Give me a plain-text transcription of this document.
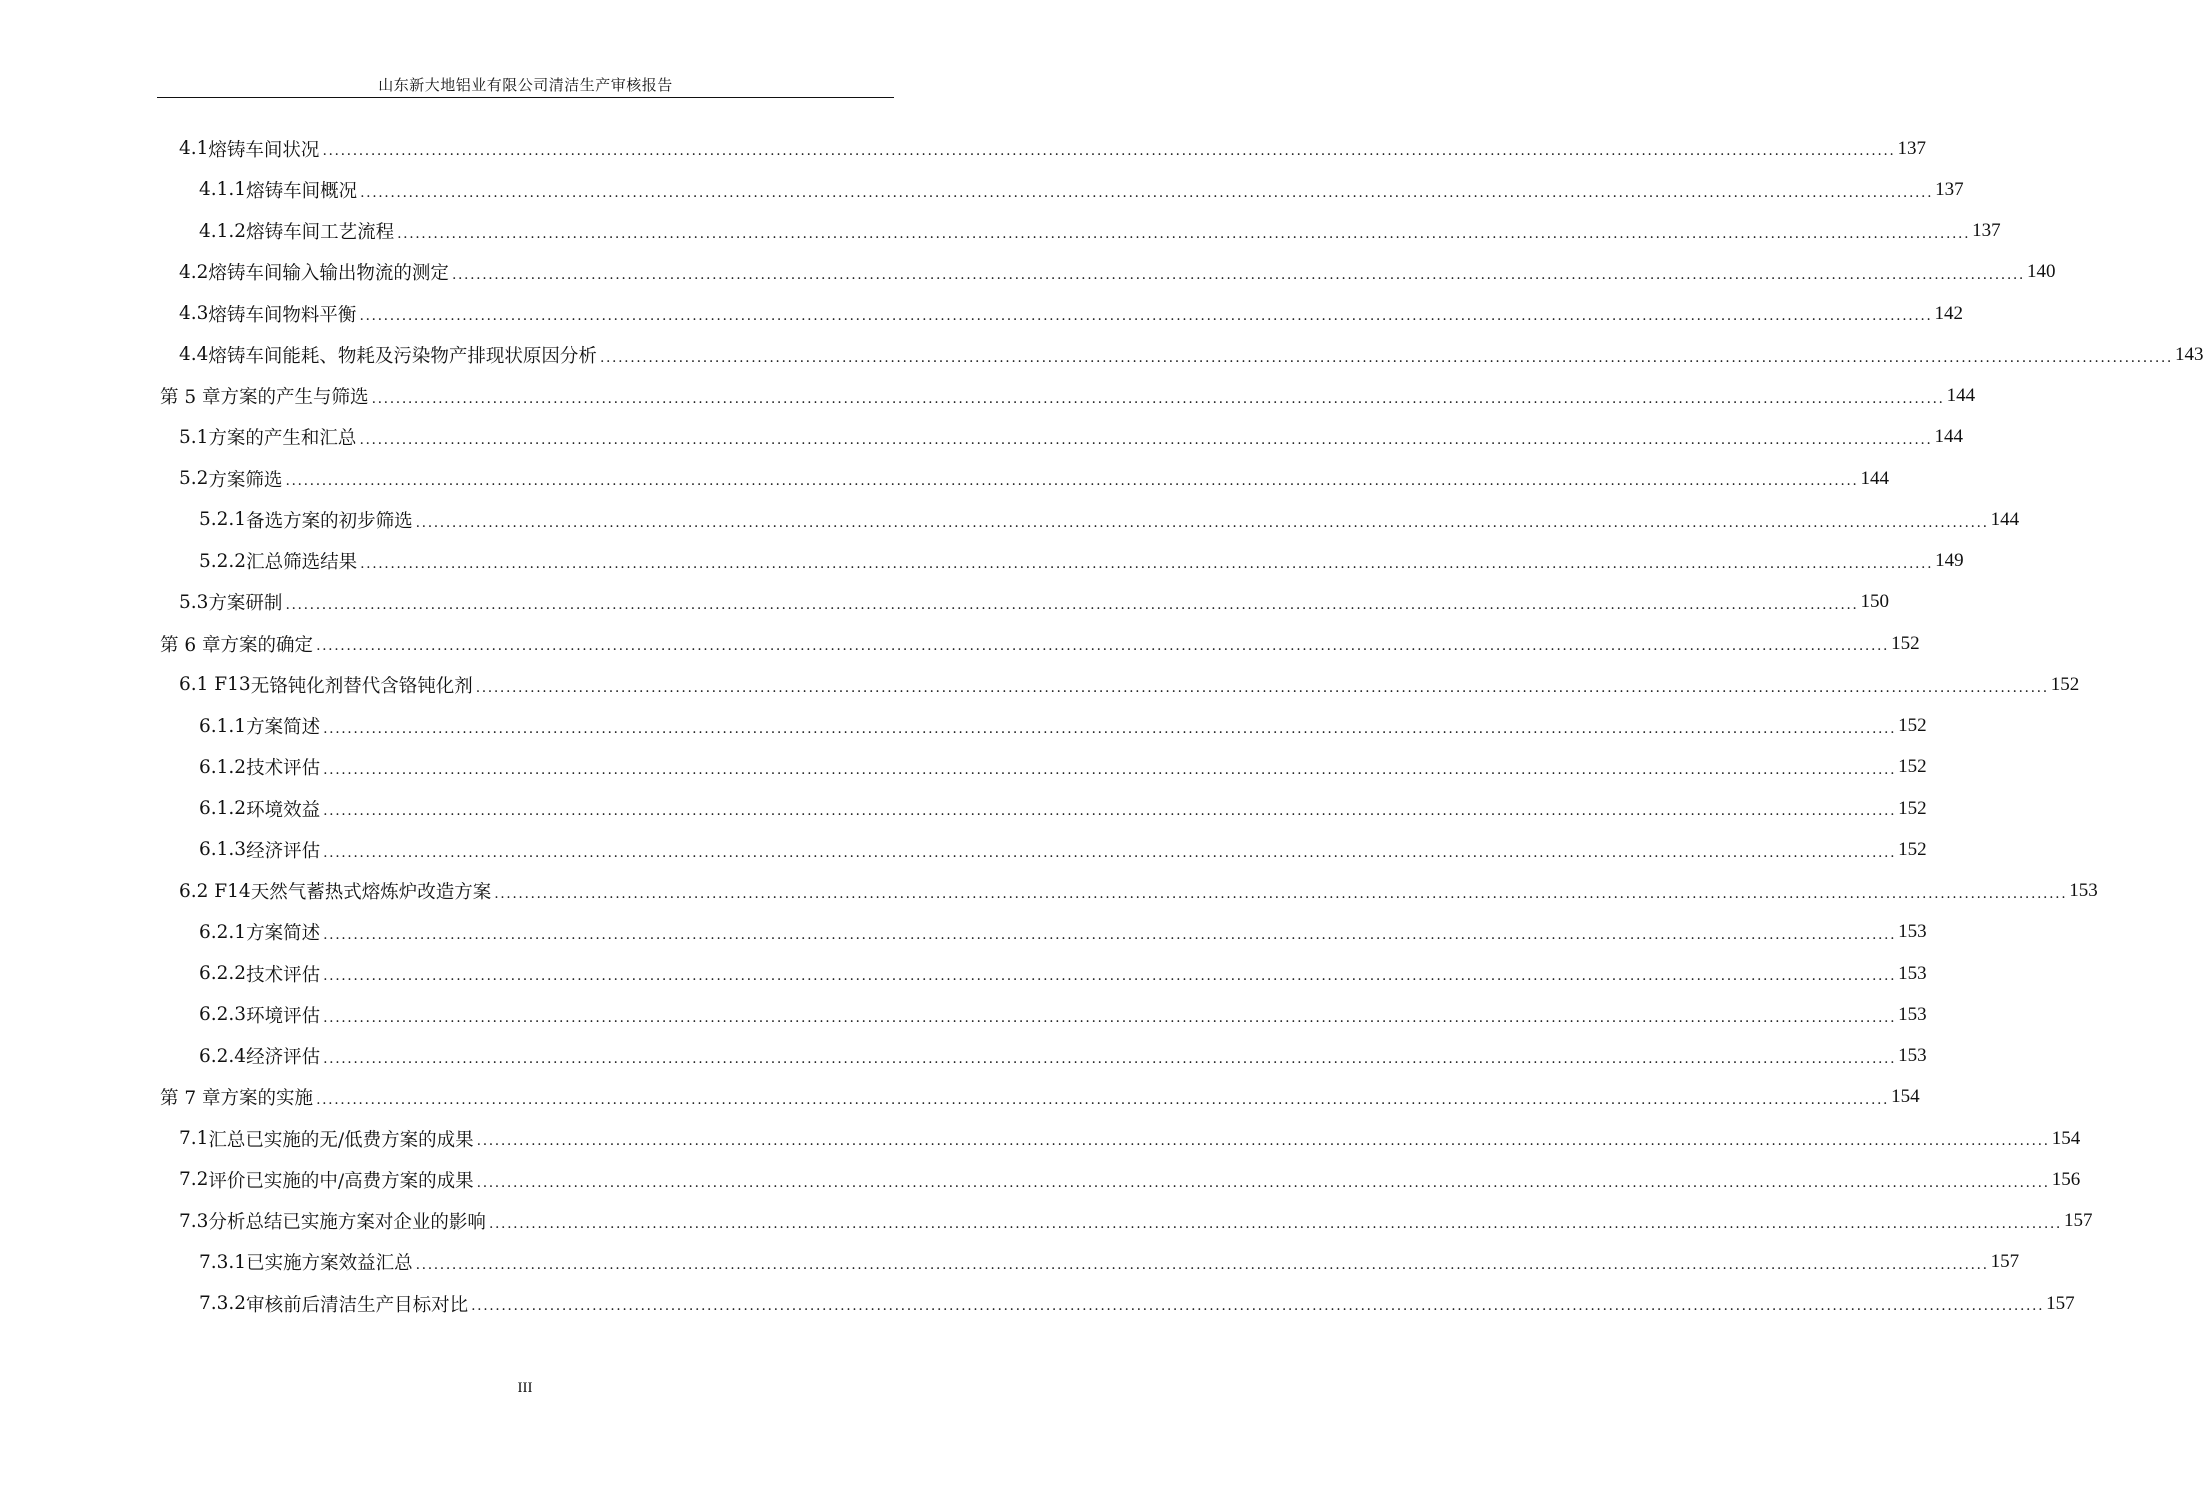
山东新大地铝业有限公司清洁生产审核报告
4.1 熔铸车间状况 .................................................................................................................................................................................................................................................................... 137
4.1.1 熔铸车间概况 .................................................................................................................................................................................................................................................................... 137
4.1.2 熔铸车间工艺流程 .................................................................................................................................................................................................................................................................... 137
4.2 熔铸车间输入输出物流的测定 .................................................................................................................................................................................................................................................................... 140
4.3 熔铸车间物料平衡 .................................................................................................................................................................................................................................................................... 142
4.4 熔铸车间能耗、物耗及污染物产排现状原因分析 .................................................................................................................................................................................................................................................................... 143
第 5 章 方案的产生与筛选 .................................................................................................................................................................................................................................................................... 144
5.1 方案的产生和汇总 .................................................................................................................................................................................................................................................................... 144
5.2 方案筛选 .................................................................................................................................................................................................................................................................... 144
5.2.1 备选方案的初步筛选 .................................................................................................................................................................................................................................................................... 144
5.2.2 汇总筛选结果 .................................................................................................................................................................................................................................................................... 149
5.3 方案研制 .................................................................................................................................................................................................................................................................... 150
第 6 章 方案的确定 .................................................................................................................................................................................................................................................................... 152
6.1 F13 无铬钝化剂替代含铬钝化剂 .................................................................................................................................................................................................................................................................... 152
6.1.1 方案简述 .................................................................................................................................................................................................................................................................... 152
6.1.2 技术评估 .................................................................................................................................................................................................................................................................... 152
6.1.2 环境效益 .................................................................................................................................................................................................................................................................... 152
6.1.3 经济评估 .................................................................................................................................................................................................................................................................... 152
6.2 F14 天然气蓄热式熔炼炉改造方案 .................................................................................................................................................................................................................................................................... 153
6.2.1 方案简述 .................................................................................................................................................................................................................................................................... 153
6.2.2 技术评估 .................................................................................................................................................................................................................................................................... 153
6.2.3 环境评估 .................................................................................................................................................................................................................................................................... 153
6.2.4 经济评估 .................................................................................................................................................................................................................................................................... 153
第 7 章 方案的实施 .................................................................................................................................................................................................................................................................... 154
7.1 汇总已实施的无/低费方案的成果 .................................................................................................................................................................................................................................................................... 154
7.2 评价已实施的中/高费方案的成果 .................................................................................................................................................................................................................................................................... 156
7.3 分析总结已实施方案对企业的影响 .................................................................................................................................................................................................................................................................... 157
7.3.1 已实施方案效益汇总 .................................................................................................................................................................................................................................................................... 157
7.3.2 审核前后清洁生产目标对比 .................................................................................................................................................................................................................................................................... 157
III
